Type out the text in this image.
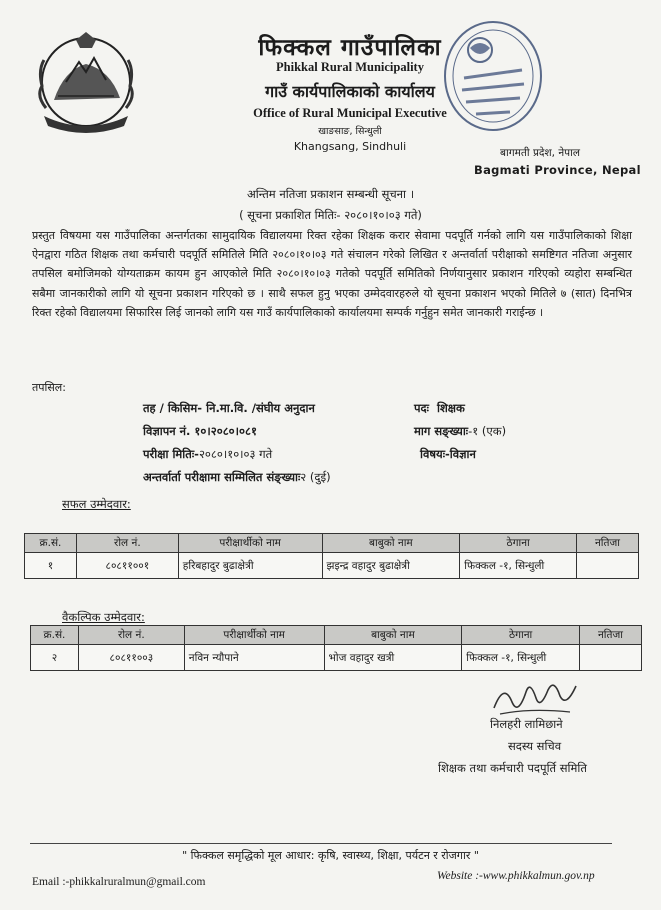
फिक्कल गाउँपालिका
Phikkal Rural Municipality
गाउँ कार्यपालिकाको कार्यालय
Office of Rural Municipal Executive
खाङसाङ, सिन्धुली
Khangsang, Sindhuli	बागमती प्रदेश, नेपाल
Bagmati Province, Nepal
अन्तिम नतिजा प्रकाशन सम्बन्धी सूचना ।
( सूचना प्रकाशित मितिः- २०८०।१०।०३ गते)
प्रस्तुत विषयमा यस गाउँपालिका अन्तर्गतका सामुदायिक विद्यालयमा रिक्त रहेका शिक्षक करार सेवामा पदपूर्ति गर्नको लागि यस गाउँपालिकाको शिक्षा ऐनद्वारा गठित शिक्षक तथा कर्मचारी पदपूर्ति समितिले मिति २०८०।१०।०३ गते संचालन गरेको लिखित र अन्तर्वार्ता परीक्षाको समष्टिगत नतिजा अनुसार तपसिल बमोजिमको योग्यताक्रम कायम हुन आएकोले मिति २०८०।१०।०३ गतेको पदपूर्ति समितिको निर्णयानुसार प्रकाशन गरिएको व्यहोरा सम्बन्धित सबैमा जानकारीको लागि यो सूचना प्रकाशन गरिएको छ । साथै सफल हुनु भएका उम्मेदवारहरुले यो सूचना प्रकाशन भएको मितिले ७ (सात) दिनभित्र रिक्त रहेको विद्यालयमा सिफारिस लिई जानको लागि यस गाउँ कार्यपालिकाको कार्यालयमा सम्पर्क गर्नुहुन समेत जानकारी गराईन्छ ।
तपसिल:
तह / किसिम- नि.मा.वि. /संघीय अनुदान	पदः शिक्षक
विज्ञापन नं. १०।२०८०।०८१	माग सङ्ख्याः-१ (एक)
परीक्षा मितिः-२०८०।१०।०३ गते	विषयः-विज्ञान
अन्तर्वार्ता परीक्षामा सम्मिलित संङ्ख्याः२ (दुई)
सफल उम्मेदवार:
क्र.सं.	रोल नं.	परीक्षार्थीको नाम	बाबुको नाम	ठेगाना	नतिजा
१	८०८११००१	हरिबहादुर बुढाक्षेत्री	झइन्द्र वहादुर बुढाक्षेत्री	फिक्कल -१, सिन्धुली	
वैकल्पिक उम्मेदवार:
क्र.सं.	रोल नं.	परीक्षार्थीको नाम	बाबुको नाम	ठेगाना	नतिजा
२	८०८११००३	नविन न्यौपाने	भोज वहादुर खत्री	फिक्कल -१, सिन्धुली	
निलहरी लामिछाने
सदस्य सचिव
शिक्षक तथा कर्मचारी पदपूर्ति समिति
" फिक्कल समृद्धिको मूल आधार: कृषि, स्वास्थ्य, शिक्षा, पर्यटन र रोजगार "
Email :-phikkalruralmun@gmail.com	Website :-www.phikkalmun.gov.np
